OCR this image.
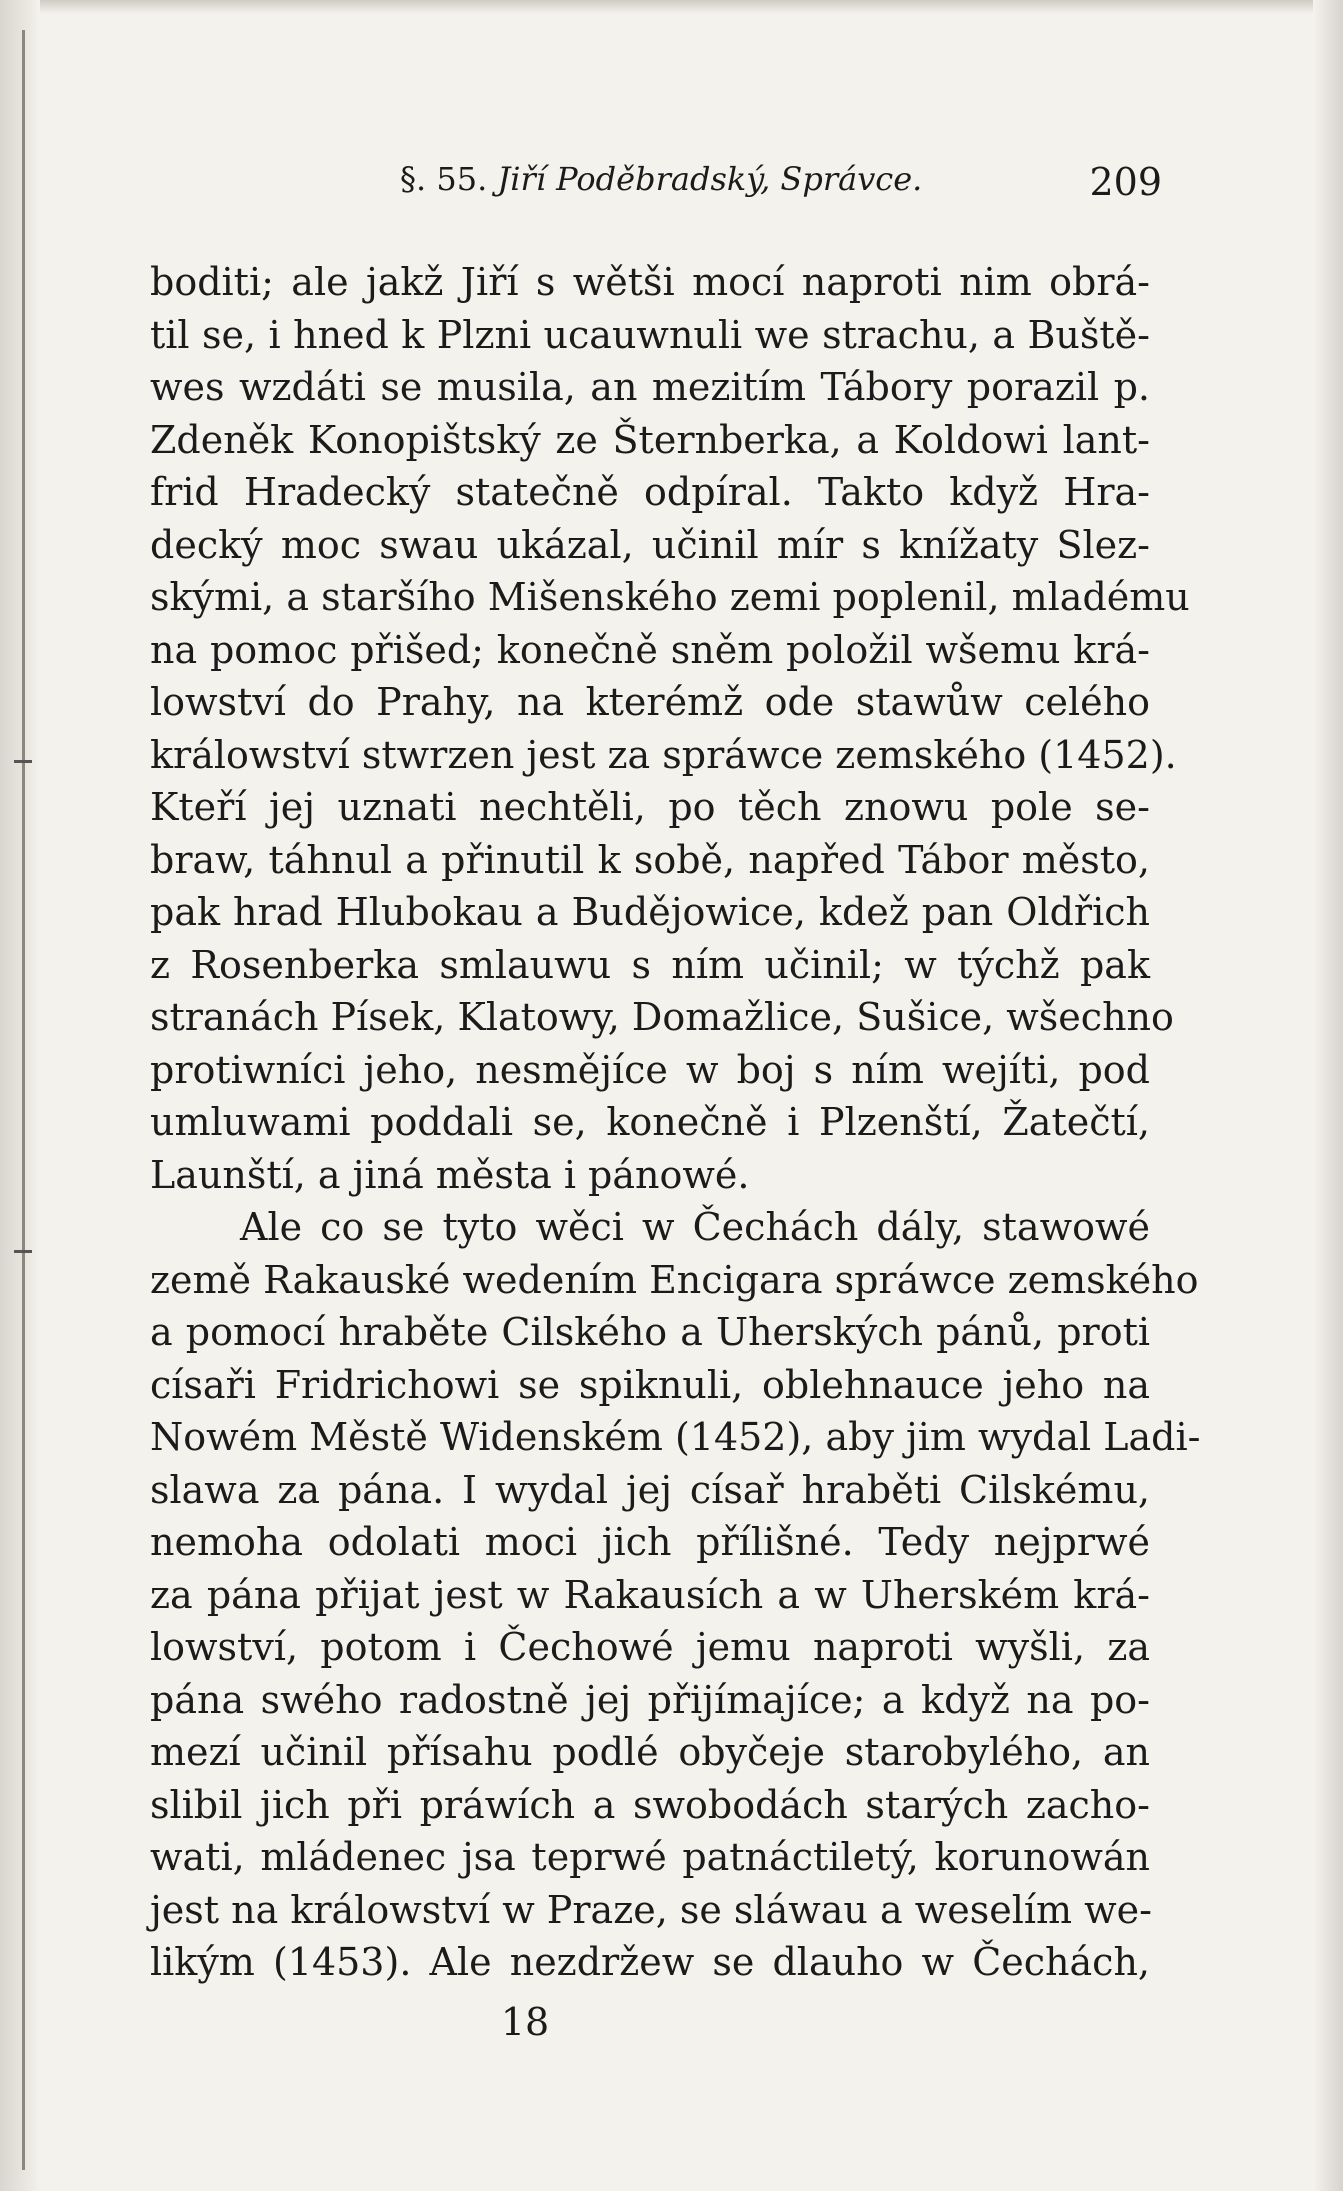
§. 55. Jiří Poděbradský, Správce.	209
boditi; ale jakž Jiří s wětši mocí naproti nim obrá-
til se, i hned k Plzni ucauwnuli we strachu, a Buště-
wes wzdáti se musila, an mezitím Tábory porazil p.
Zdeněk Konopištský ze Šternberka, a Koldowi lant-
frid Hradecký statečně odpíral. Takto když Hra-
decký moc swau ukázal, učinil mír s knížaty Slez-
skými, a staršího Mišenského zemi poplenil, mladému
na pomoc přišed; konečně sněm položil wšemu krá-
lowství do Prahy, na kterémž ode stawůw celého
králowství stwrzen jest za spráwce zemského (1452).
Kteří jej uznati nechtěli, po těch znowu pole se-
braw, táhnul a přinutil k sobě, napřed Tábor město,
pak hrad Hlubokau a Budějowice, kdež pan Oldřich
z Rosenberka smlauwu s ním učinil; w týchž pak
stranách Písek, Klatowy, Domažlice, Sušice, wšechno
protiwníci jeho, nesmějíce w boj s ním wejíti, pod
umluwami poddali se, konečně i Plzenští, Žatečtí,
Launští, a jiná města i pánowé.
Ale co se tyto wěci w Čechách dály, stawowé
země Rakauské wedením Encigara spráwce zemského
a pomocí hraběte Cilského a Uherských pánů, proti
císaři Fridrichowi se spiknuli, oblehnauce jeho na
Nowém Městě Widenském (1452), aby jim wydal Ladi-
slawa za pána. I wydal jej císař hraběti Cilskému,
nemoha odolati moci jich přílišné. Tedy nejprwé
za pána přijat jest w Rakausích a w Uherském krá-
lowství, potom i Čechowé jemu naproti wyšli, za
pána swého radostně jej přijímajíce; a když na po-
mezí učinil přísahu podlé obyčeje starobylého, an
slibil jich při práwích a swobodách starých zacho-
wati, mládenec jsa teprwé patnáctiletý, korunowán
jest na králowství w Praze, se sláwau a weselím we-
likým (1453). Ale nezdržew se dlauho w Čechách,
18
